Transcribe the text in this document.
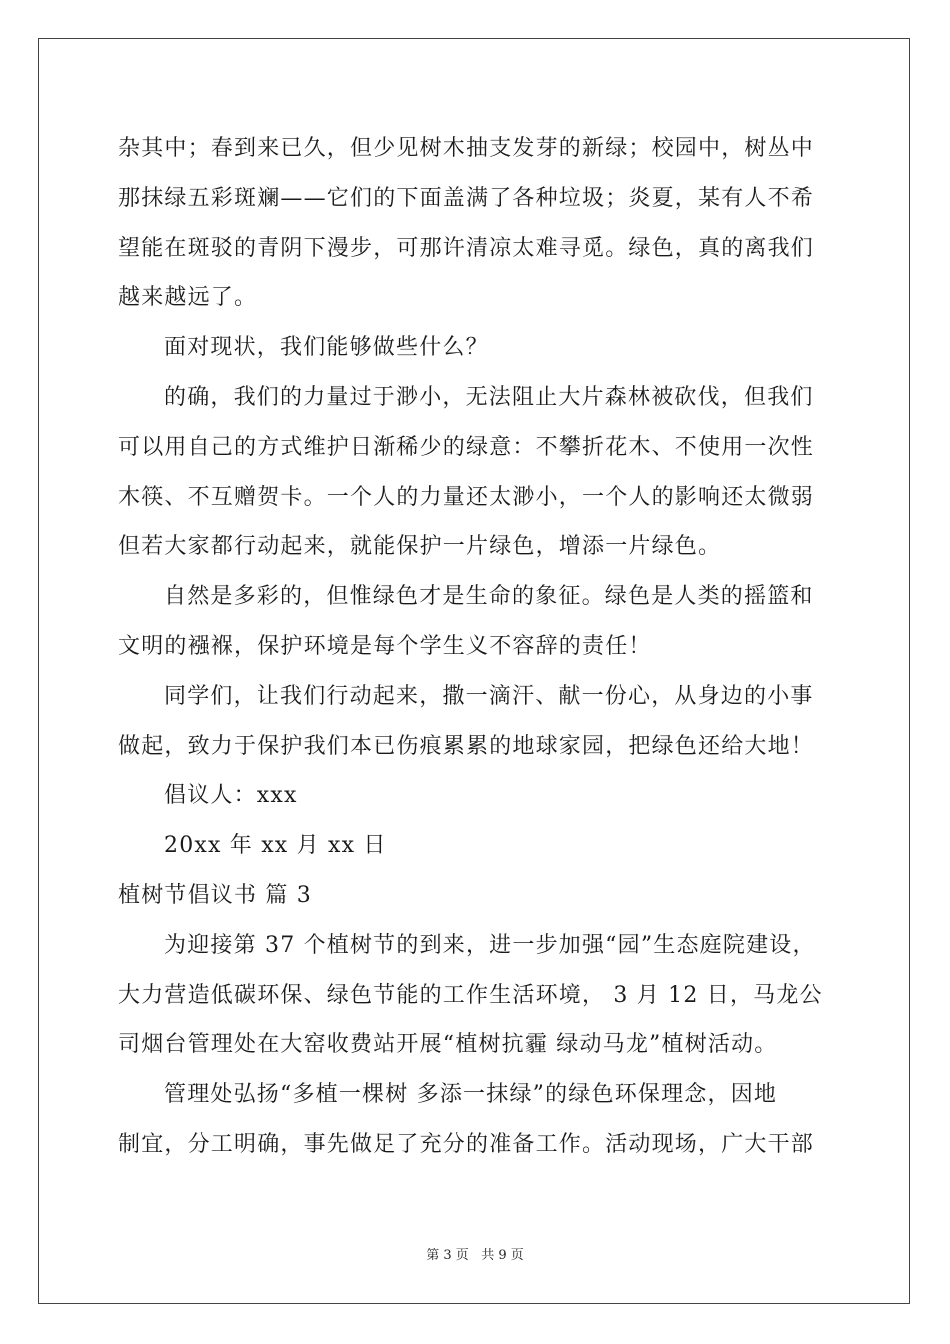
杂其中；春到来已久，但少见树木抽支发芽的新绿；校园中，树丛中
那抹绿五彩斑斓——它们的下面盖满了各种垃圾；炎夏，某有人不希
望能在斑驳的青阴下漫步，可那许清凉太难寻觅。绿色，真的离我们
越来越远了。
面对现状，我们能够做些什么？
的确，我们的力量过于渺小，无法阻止大片森林被砍伐，但我们
可以用自己的方式维护日渐稀少的绿意：不攀折花木、不使用一次性
木筷、不互赠贺卡。一个人的力量还太渺小，一个人的影响还太微弱
但若大家都行动起来，就能保护一片绿色，增添一片绿色。
自然是多彩的，但惟绿色才是生命的象征。绿色是人类的摇篮和
文明的襁褓，保护环境是每个学生义不容辞的责任！
同学们，让我们行动起来，撒一滴汗、献一份心，从身边的小事
做起，致力于保护我们本已伤痕累累的地球家园，把绿色还给大地！
倡议人：xxx
20xx 年 xx 月 xx 日
植树节倡议书 篇 3
为迎接第 37 个植树节的到来，进一步加强“园”生态庭院建设，
大力营造低碳环保、绿色节能的工作生活环境， 3 月 12 日，马龙公
司烟台管理处在大窑收费站开展“植树抗霾 绿动马龙”植树活动。
管理处弘扬“多植一棵树 多添一抹绿”的绿色环保理念，因地
制宜，分工明确，事先做足了充分的准备工作。活动现场，广大干部
第 3 页   共 9 页
